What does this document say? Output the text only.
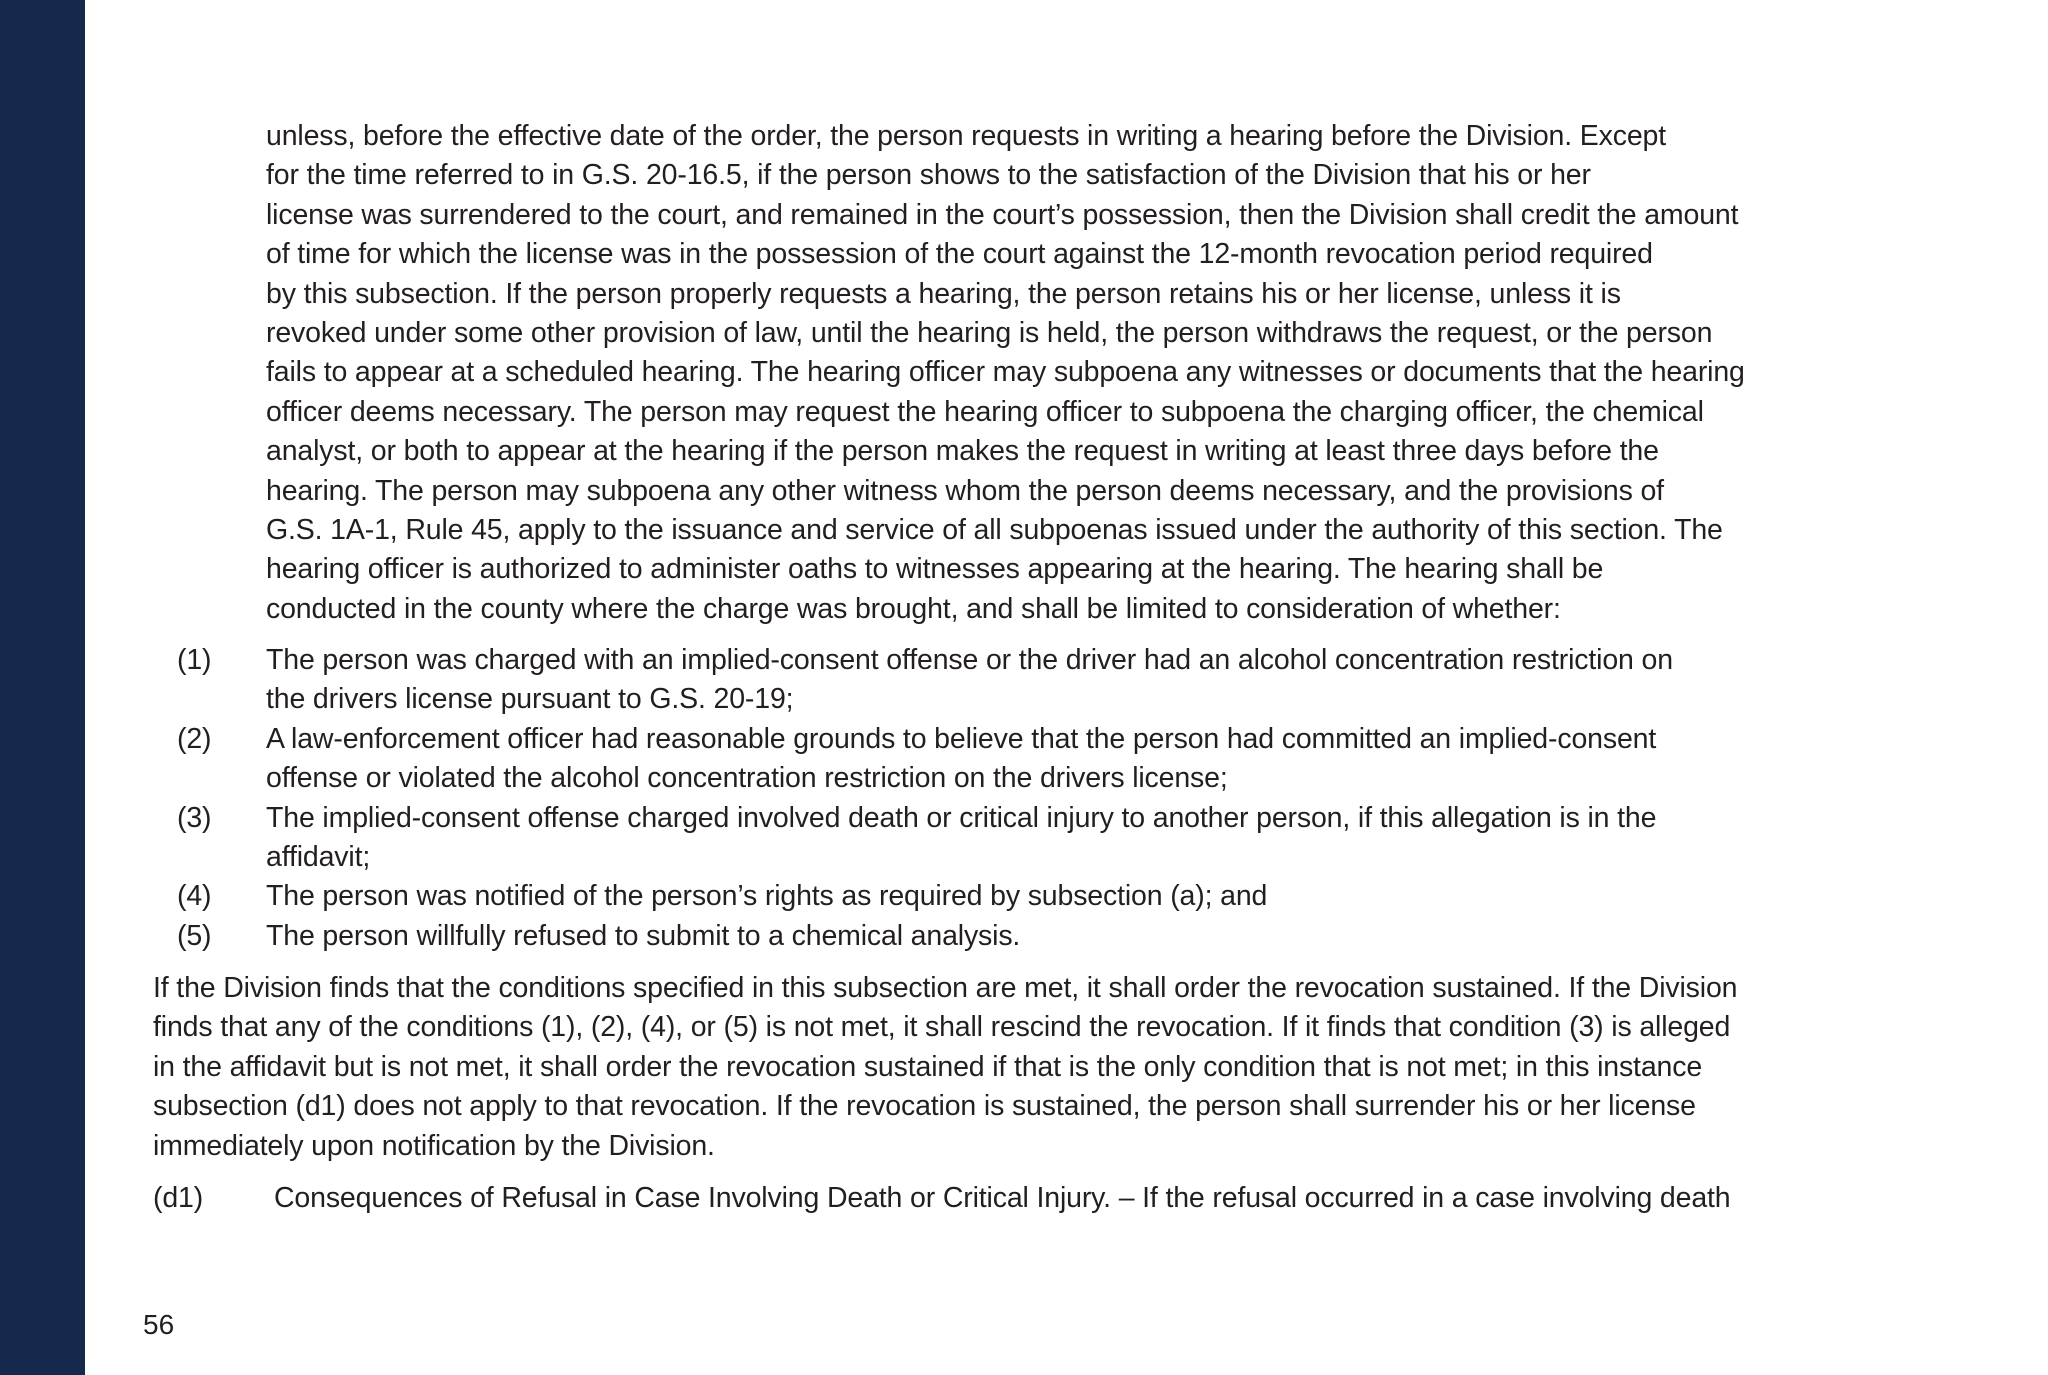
unless, before the effective date of the order, the person requests in writing a hearing before the Division. Except
for the time referred to in G.S. 20-16.5, if the person shows to the satisfaction of the Division that his or her
license was surrendered to the court, and remained in the court’s possession, then the Division shall credit the amount
of time for which the license was in the possession of the court against the 12-month revocation period required
by this subsection. If the person properly requests a hearing, the person retains his or her license, unless it is
revoked under some other provision of law, until the hearing is held, the person withdraws the request, or the person
fails to appear at a scheduled hearing. The hearing officer may subpoena any witnesses or documents that the hearing
officer deems necessary. The person may request the hearing officer to subpoena the charging officer, the chemical
analyst, or both to appear at the hearing if the person makes the request in writing at least three days before the
hearing. The person may subpoena any other witness whom the person deems necessary, and the provisions of
G.S. 1A-1, Rule 45, apply to the issuance and service of all subpoenas issued under the authority of this section. The
hearing officer is authorized to administer oaths to witnesses appearing at the hearing. The hearing shall be
conducted in the county where the charge was brought, and shall be limited to consideration of whether:

(1) The person was charged with an implied-consent offense or the driver had an alcohol concentration restriction on
the drivers license pursuant to G.S. 20-19;
(2) A law-enforcement officer had reasonable grounds to believe that the person had committed an implied-consent
offense or violated the alcohol concentration restriction on the drivers license;
(3) The implied-consent offense charged involved death or critical injury to another person, if this allegation is in the
affidavit;
(4) The person was notified of the person’s rights as required by subsection (a); and
(5) The person willfully refused to submit to a chemical analysis.

If the Division finds that the conditions specified in this subsection are met, it shall order the revocation sustained. If the Division
finds that any of the conditions (1), (2), (4), or (5) is not met, it shall rescind the revocation. If it finds that condition (3) is alleged
in the affidavit but is not met, it shall order the revocation sustained if that is the only condition that is not met; in this instance
subsection (d1) does not apply to that revocation. If the revocation is sustained, the person shall surrender his or her license
immediately upon notification by the Division.

(d1) Consequences of Refusal in Case Involving Death or Critical Injury. – If the refusal occurred in a case involving death
56
